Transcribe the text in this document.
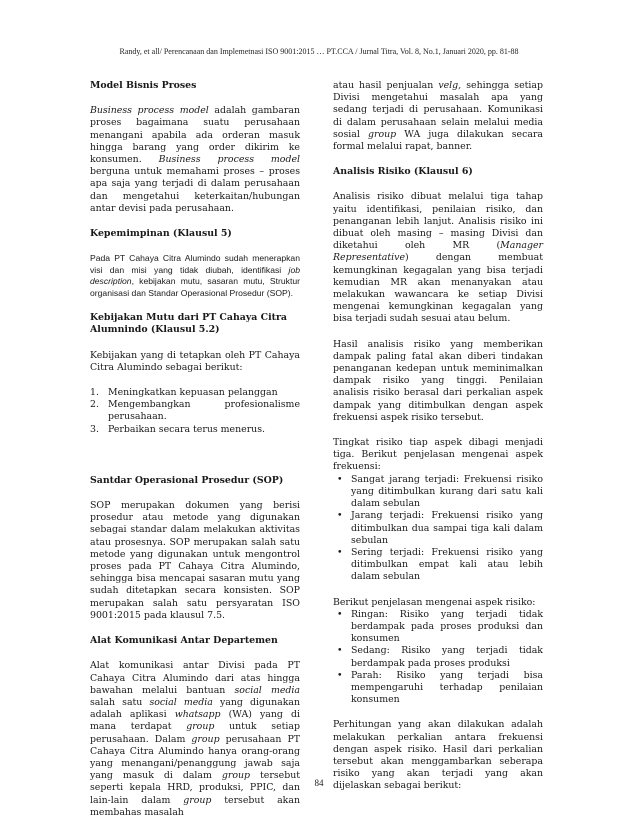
Randy, et all/ Perencanaan dan Implemetnasi ISO 9001:2015 … PT.CCA / Jurnal Titra, Vol. 8, No.1, Januari 2020, pp. 81-88
Model Bisnis Proses

Business process model adalah gambaran proses bagaimana suatu perusahaan menangani apabila ada orderan masuk hingga barang yang order dikirim ke konsumen. Business process model berguna untuk memahami proses – proses apa saja yang terjadi di dalam perusahaan dan mengetahui keterkaitan/hubungan antar devisi pada perusahaan.

Kepemimpinan (Klausul 5)

Pada PT Cahaya Citra Alumindo sudah menerapkan visi dan misi yang tidak diubah, identifikasi job description, kebijakan mutu, sasaran mutu, Struktur organisasi dan Standar Operasional Prosedur (SOP).

Kebijakan Mutu dari PT Cahaya Citra Alumnindo (Klausul 5.2)

Kebijakan yang di tetapkan oleh PT Cahaya Citra Alumindo sebagai berikut:

1. Meningkatkan kepuasan pelanggan
2. Mengembangkan profesionalisme perusahaan.
3. Perbaikan secara terus menerus.
Santdar Operasional Prosedur (SOP)

SOP merupakan dokumen yang berisi prosedur atau metode yang digunakan sebagai standar dalam melakukan aktivitas atau prosesnya. SOP merupakan salah satu metode yang digunakan untuk mengontrol proses pada PT Cahaya Citra Alumindo, sehingga bisa mencapai sasaran mutu yang sudah ditetapkan secara konsisten. SOP merupakan salah satu persyaratan ISO 9001:2015 pada klausul 7.5.

Alat Komunikasi Antar Departemen

Alat komunikasi antar Divisi pada PT Cahaya Citra Alumindo dari atas hingga bawahan melalui bantuan social media salah satu social media yang digunakan adalah aplikasi whatsapp (WA) yang di mana terdapat group untuk setiap perusahaan. Dalam group perusahaan PT Cahaya Citra Alumindo hanya orang-orang yang menangani/penanggung jawab saja yang masuk di dalam group tersebut seperti kepala HRD, produksi, PPIC, dan lain-lain dalam group tersebut akan membahas masalah

atau hasil penjualan velg, sehingga setiap Divisi mengetahui masalah apa yang sedang terjadi di perusahaan. Komunikasi di dalam perusahaan selain melalui media sosial group WA juga dilakukan secara formal melalui rapat, banner.

Analisis Risiko (Klausul 6)

Analisis risiko dibuat melalui tiga tahap yaitu identifikasi, penilaian risiko, dan penanganan lebih lanjut. Analisis risiko ini dibuat oleh masing – masing Divisi dan diketahui oleh MR (Manager Representative) dengan membuat kemungkinan kegagalan yang bisa terjadi kemudian MR akan menanyakan atau melakukan wawancara ke setiap Divisi mengenai kemungkinan kegagalan yang bisa terjadi sudah sesuai atau belum.

Hasil analisis risiko yang memberikan dampak paling fatal akan diberi tindakan penanganan kedepan untuk meminimalkan dampak risiko yang tinggi. Penilaian analisis risiko berasal dari perkalian aspek dampak yang ditimbulkan dengan aspek frekuensi aspek risiko tersebut.

Tingkat risiko tiap aspek dibagi menjadi tiga. Berikut penjelasan mengenai aspek frekuensi:

• Sangat jarang terjadi: Frekuensi risiko yang ditimbulkan kurang dari satu kali dalam sebulan
• Jarang terjadi: Frekuensi risiko yang ditimbulkan dua sampai tiga kali dalam sebulan
• Sering terjadi: Frekuensi risiko yang ditimbulkan empat kali atau lebih dalam sebulan

Berikut penjelasan mengenai aspek risiko:

• Ringan: Risiko yang terjadi tidak berdampak pada proses produksi dan konsumen
• Sedang: Risiko yang terjadi tidak berdampak pada proses produksi
• Parah: Risiko yang terjadi bisa mempengaruhi terhadap penilaian konsumen

Perhitungan yang akan dilakukan adalah melakukan perkalian antara frekuensi dengan aspek risiko. Hasil dari perkalian tersebut akan menggambarkan seberapa risiko yang akan terjadi yang akan dijelaskan sebagai berikut:

84
